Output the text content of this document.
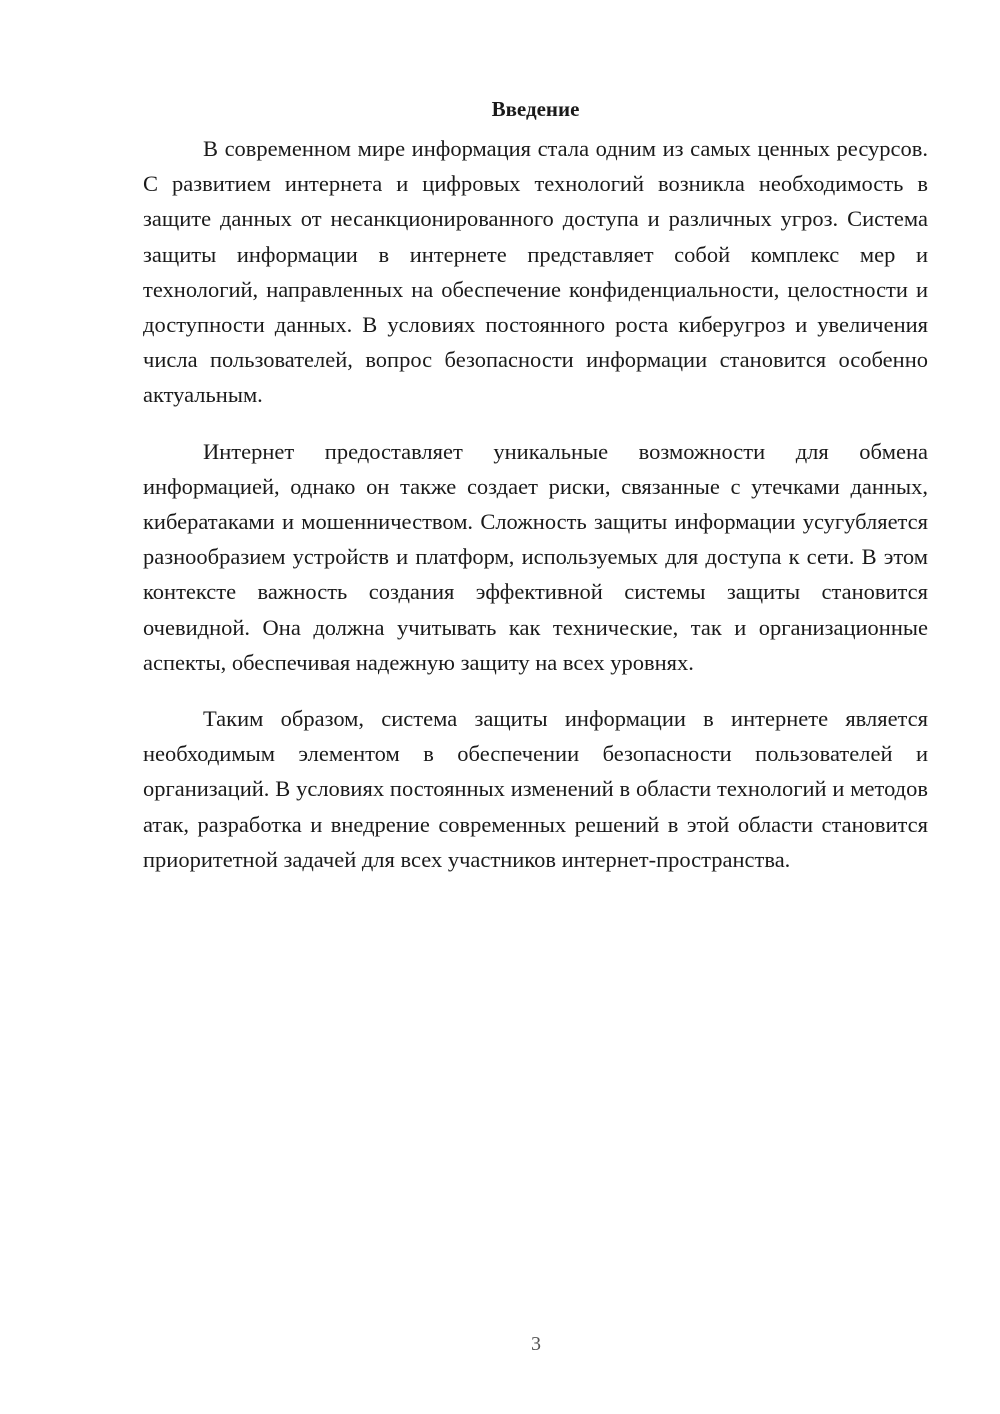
Введение

В современном мире информация стала одним из самых ценных ресурсов. С развитием интернета и цифровых технологий возникла необходимость в защите данных от несанкционированного доступа и различных угроз. Система защиты информации в интернете представляет собой комплекс мер и технологий, направленных на обеспечение конфиденциальности, целостности и доступности данных. В условиях постоянного роста киберугроз и увеличения числа пользователей, вопрос безопасности информации становится особенно актуальным.

Интернет предоставляет уникальные возможности для обмена информацией, однако он также создает риски, связанные с утечками данных, кибератаками и мошенничеством. Сложность защиты информации усугубляется разнообразием устройств и платформ, используемых для доступа к сети. В этом контексте важность создания эффективной системы защиты становится очевидной. Она должна учитывать как технические, так и организационные аспекты, обеспечивая надежную защиту на всех уровнях.

Таким образом, система защиты информации в интернете является необходимым элементом в обеспечении безопасности пользователей и организаций. В условиях постоянных изменений в области технологий и методов атак, разработка и внедрение современных решений в этой области становится приоритетной задачей для всех участников интернет-пространства.

3
